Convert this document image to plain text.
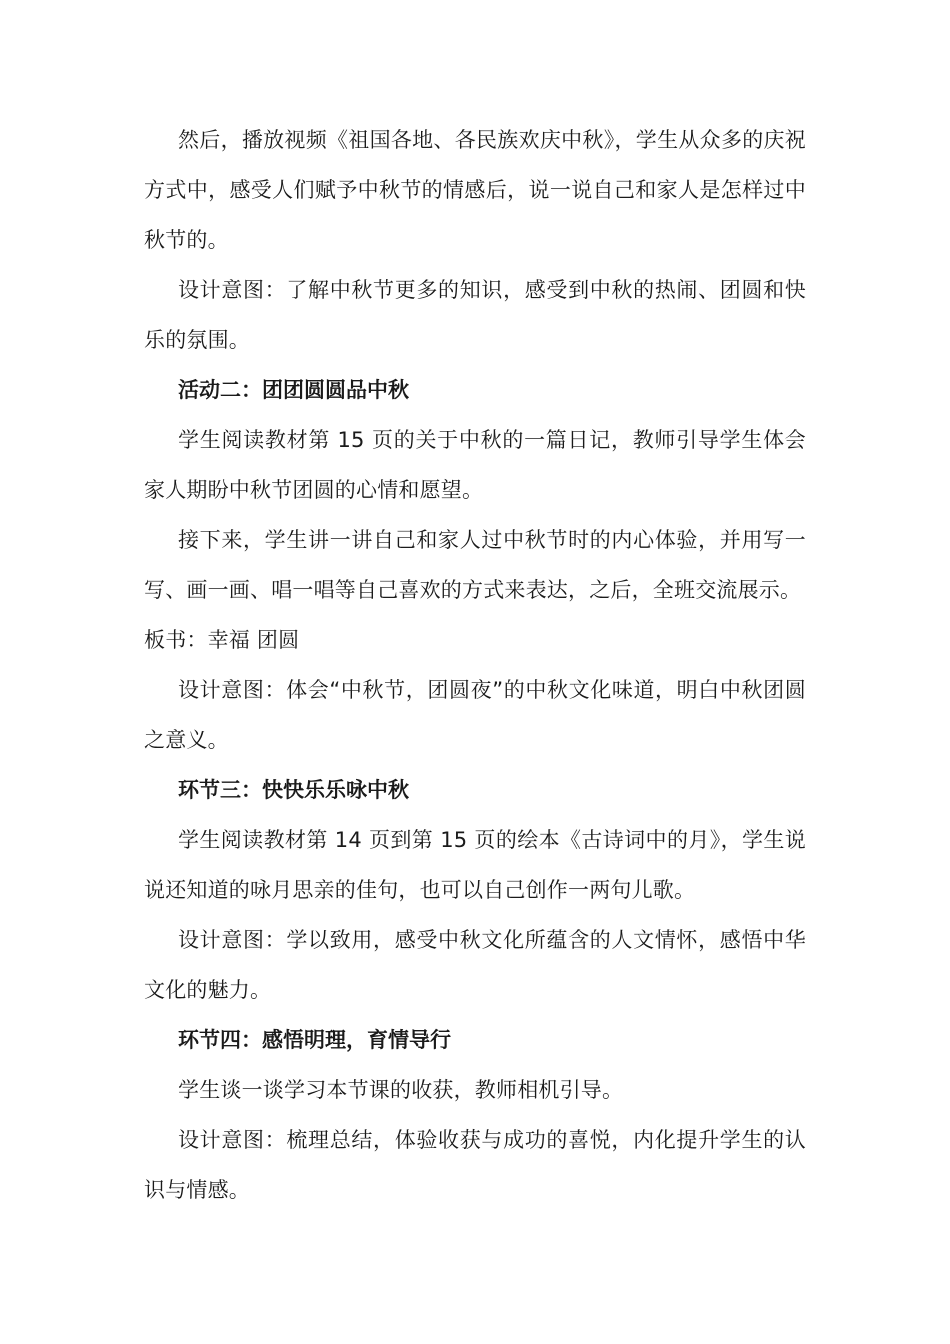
然后，播放视频《祖国各地、各民族欢庆中秋》，学生从众多的庆祝方式中，感受人们赋予中秋节的情感后，说一说自己和家人是怎样过中秋节的。

设计意图：了解中秋节更多的知识，感受到中秋的热闹、团圆和快乐的氛围。

活动二：团团圆圆品中秋

学生阅读教材第 15 页的关于中秋的一篇日记，教师引导学生体会家人期盼中秋节团圆的心情和愿望。

接下来，学生讲一讲自己和家人过中秋节时的内心体验，并用写一写、画一画、唱一唱等自己喜欢的方式来表达，之后，全班交流展示。

板书：幸福 团圆

设计意图：体会“中秋节，团圆夜”的中秋文化味道，明白中秋团圆之意义。

环节三：快快乐乐咏中秋

学生阅读教材第 14 页到第 15 页的绘本《古诗词中的月》，学生说说还知道的咏月思亲的佳句，也可以自己创作一两句儿歌。

设计意图：学以致用，感受中秋文化所蕴含的人文情怀，感悟中华文化的魅力。

环节四：感悟明理，育情导行

学生谈一谈学习本节课的收获，教师相机引导。

设计意图：梳理总结，体验收获与成功的喜悦，内化提升学生的认识与情感。
